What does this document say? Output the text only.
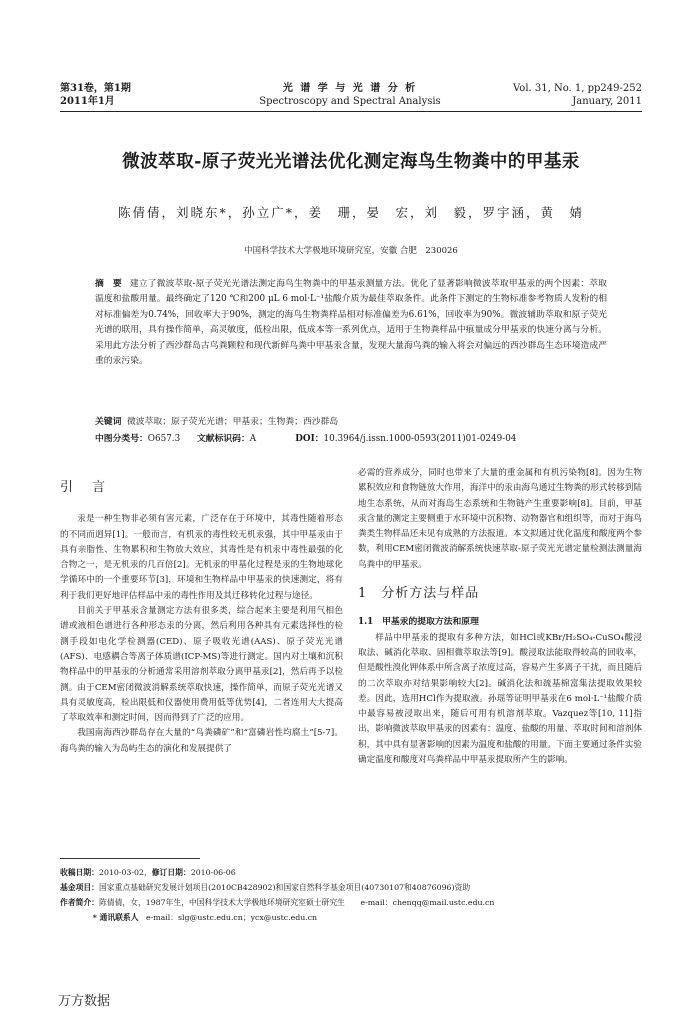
第31卷，第1期
2011年1月
光 谱 学 与 光 谱 分 析
Spectroscopy and Spectral Analysis
Vol. 31, No. 1, pp249-252
January, 2011
微波萃取-原子荧光光谱法优化测定海鸟生物粪中的甲基汞
陈倩倩，刘晓东*，孙立广*，姜　珊，晏　宏，刘　毅，罗宇涵，黄　婧
中国科学技术大学极地环境研究室，安徽 合肥　230026
摘　要 建立了微波萃取-原子荧光光谱法测定海鸟生物粪中的甲基汞测量方法。优化了显著影响微波萃取甲基汞的两个因素：萃取温度和盐酸用量。最终确定了120 ℃和200 μL 6 mol·L⁻¹盐酸介质为最佳萃取条件。此条件下测定的生物标准参考物质人发粉的相对标准偏差为0.74%，回收率大于90%，测定的海鸟生物粪样品相对标准偏差为6.61%，回收率为90%。微波辅助萃取和原子荧光光谱的联用，具有操作简单，高灵敏度，低检出限，低成本等一系列优点，适用于生物粪样品中痕量成分甲基汞的快速分离与分析。采用此方法分析了西沙群岛古鸟粪颗粒和现代新鲜鸟粪中甲基汞含量，发现大量海鸟粪的输入将会对偏远的西沙群岛生态环境造成严重的汞污染。
关键词 微波萃取；原子荧光光谱；甲基汞；生物粪；西沙群岛
中图分类号：O657.3 文献标识码：A	DOI：10.3964/j.issn.1000-0593(2011)01-0249-04
引　言

汞是一种生物非必须有害元素，广泛存在于环境中，其毒性随着形态的不同而迥异[1]。一般而言，有机汞的毒性较无机汞强，其中甲基汞由于具有亲脂性、生物累积和生物放大效应，其毒性是有机汞中毒性最强的化合物之一，是无机汞的几百倍[2]。无机汞的甲基化过程是汞的生物地球化学循环中的一个重要环节[3]，环境和生物样品中甲基汞的快速测定，将有利于我们更好地评估样品中汞的毒性作用及其迁移转化过程与途径。

目前关于甲基汞含量测定方法有很多类，综合起来主要是利用气相色谱或液相色谱进行各种形态汞的分离，然后利用各种具有元素选择性的检测手段如电化学检测器(CED)、原子吸收光谱(AAS)、原子荧光光谱(AFS)、电感耦合等离子体质谱(ICP-MS)等进行测定。国内对土壤和沉积物样品中的甲基汞的分析通常采用溶剂萃取分离甲基汞[2]，然后再予以检测。由于CEM密闭微波消解系统萃取快速，操作简单，而原子荧光光谱又具有灵敏度高，检出限低和仪器使用费用低等优势[4]，二者连用大大提高了萃取效率和测定时间，因而得到了广泛的应用。

我国南海西沙群岛存在大量的“鸟粪磷矿”和“富磷岩性均腐土”[5-7]。海鸟粪的输入为岛屿生态的演化和发展提供了

必需的营养成分，同时也带来了大量的重金属和有机污染物[8]。因为生物累积效应和食物链放大作用，海洋中的汞由海鸟通过生物粪的形式转移到陆地生态系统，从而对海岛生态系统和生物链产生重要影响[8]。目前，甲基汞含量的测定主要侧重于水环境中沉积物、动物器官和组织等，而对于海鸟粪类生物样品还未见有成熟的方法报道。本文拟通过优化温度和酸度两个参数，利用CEM密闭微波消解系统快速萃取-原子荧光光谱定量检测法测量海鸟粪中的甲基汞。

1　分析方法与样品
1.1　甲基汞的提取方法和原理

样品中甲基汞的提取有多种方法，如HCl或KBr/H₂SO₄-CuSO₄酸浸取法、碱消化萃取、固相微萃取法等[9]。酸浸取法能取得较高的回收率，但是酸性溴化钾体系中所含离子浓度过高，容易产生多离子干扰，而且随后的二次萃取亦对结果影响较大[2]。碱消化法和巯基棉富集法提取效果较差。因此，选用HCl作为提取液。孙瑶等证明甲基汞在6 mol·L⁻¹盐酸介质中最容易被浸取出来，随后可用有机溶剂萃取。Vazquez等[10, 11]指出，影响微波萃取甲基汞的因素有：温度、盐酸的用量、萃取时间和溶剂体积，其中具有显著影响的因素为温度和盐酸的用量。下面主要通过条件实验确定温度和酸度对鸟粪样品中甲基汞提取所产生的影响。

收稿日期：2010-03-02，修订日期：2010-06-06
基金项目：国家重点基础研究发展计划项目(2010CB428902)和国家自然科学基金项目(40730107和40876096)资助
作者简介：陈倩倩，女，1987年生，中国科学技术大学极地环境研究室硕士研究生　　e-mail：chenqq@mail.ustc.edu.cn
* 通讯联系人 e-mail：slg@ustc.edu.cn；ycx@ustc.edu.cn
万方数据
